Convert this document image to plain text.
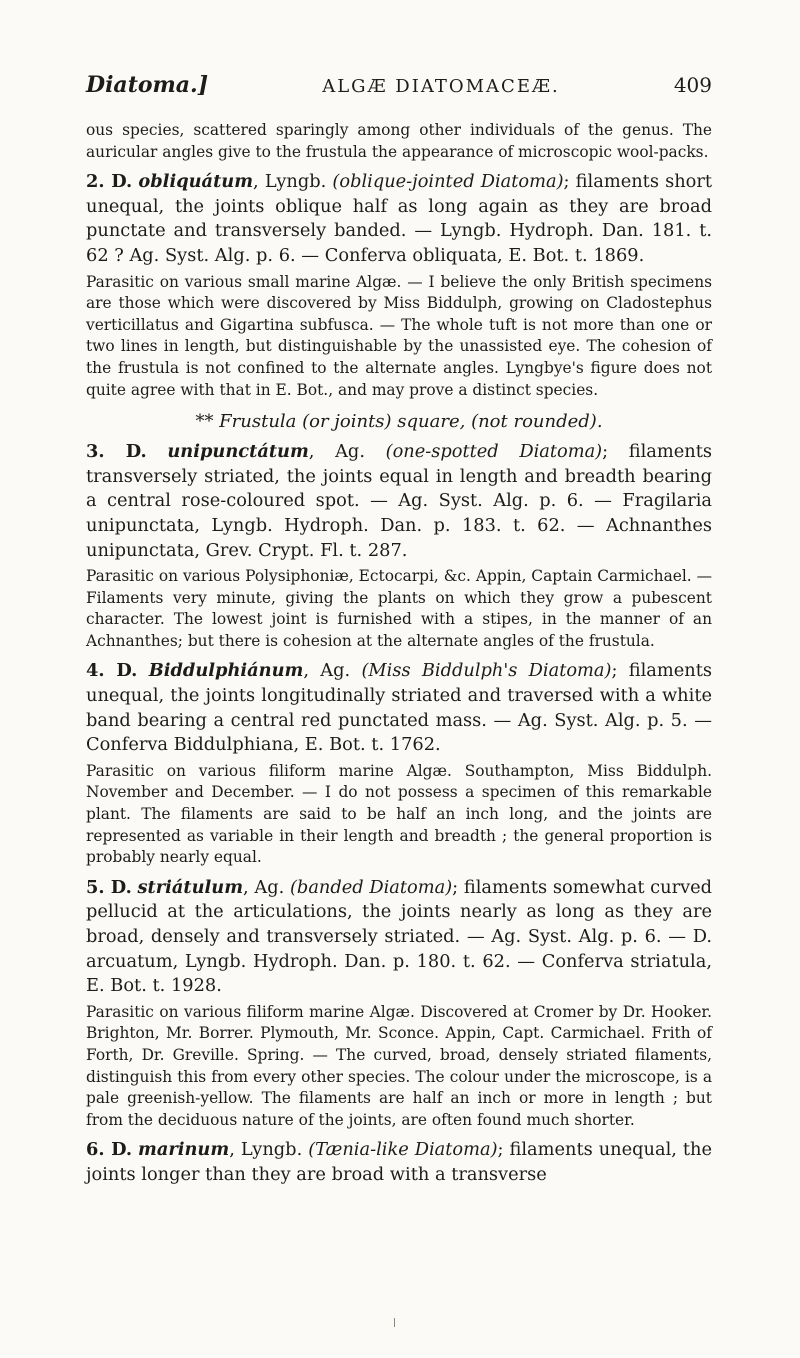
Diatoma.]	ALGÆ DIATOMACEÆ.	409

ous species, scattered sparingly among other individuals of the genus. The auricular angles give to the frustula the appearance of microscopic wool-packs.

2. D. obliquátum, Lyngb. (oblique-jointed Diatoma); filaments short unequal, the joints oblique half as long again as they are broad punctate and transversely banded. — Lyngb. Hydroph. Dan. 181. t. 62 ? Ag. Syst. Alg. p. 6. — Conferva obliquata, E. Bot. t. 1869.

Parasitic on various small marine Algæ. — I believe the only British specimens are those which were discovered by Miss Biddulph, growing on Cladostephus verticillatus and Gigartina subfusca. — The whole tuft is not more than one or two lines in length, but distinguishable by the unassisted eye. The cohesion of the frustula is not confined to the alternate angles. Lyngbye's figure does not quite agree with that in E. Bot., and may prove a distinct species.

** Frustula (or joints) square, (not rounded).

3. D. unipunctátum, Ag. (one-spotted Diatoma); filaments transversely striated, the joints equal in length and breadth bearing a central rose-coloured spot. — Ag. Syst. Alg. p. 6. — Fragilaria unipunctata, Lyngb. Hydroph. Dan. p. 183. t. 62. — Achnanthes unipunctata, Grev. Crypt. Fl. t. 287.

Parasitic on various Polysiphoniæ, Ectocarpi, &c. Appin, Captain Carmichael. — Filaments very minute, giving the plants on which they grow a pubescent character. The lowest joint is furnished with a stipes, in the manner of an Achnanthes; but there is cohesion at the alternate angles of the frustula.

4. D. Biddulphiánum, Ag. (Miss Biddulph's Diatoma); filaments unequal, the joints longitudinally striated and traversed with a white band bearing a central red punctated mass. — Ag. Syst. Alg. p. 5. — Conferva Biddulphiana, E. Bot. t. 1762.

Parasitic on various filiform marine Algæ. Southampton, Miss Biddulph. November and December. — I do not possess a specimen of this remarkable plant. The filaments are said to be half an inch long, and the joints are represented as variable in their length and breadth ; the general proportion is probably nearly equal.

5. D. striátulum, Ag. (banded Diatoma); filaments somewhat curved pellucid at the articulations, the joints nearly as long as they are broad, densely and transversely striated. — Ag. Syst. Alg. p. 6. — D. arcuatum, Lyngb. Hydroph. Dan. p. 180. t. 62. — Conferva striatula, E. Bot. t. 1928.

Parasitic on various filiform marine Algæ. Discovered at Cromer by Dr. Hooker. Brighton, Mr. Borrer. Plymouth, Mr. Sconce. Appin, Capt. Carmichael. Frith of Forth, Dr. Greville. Spring. — The curved, broad, densely striated filaments, distinguish this from every other species. The colour under the microscope, is a pale greenish-yellow. The filaments are half an inch or more in length ; but from the deciduous nature of the joints, are often found much shorter.

6. D. marinum, Lyngb. (Tænia-like Diatoma); filaments unequal, the joints longer than they are broad with a transverse
